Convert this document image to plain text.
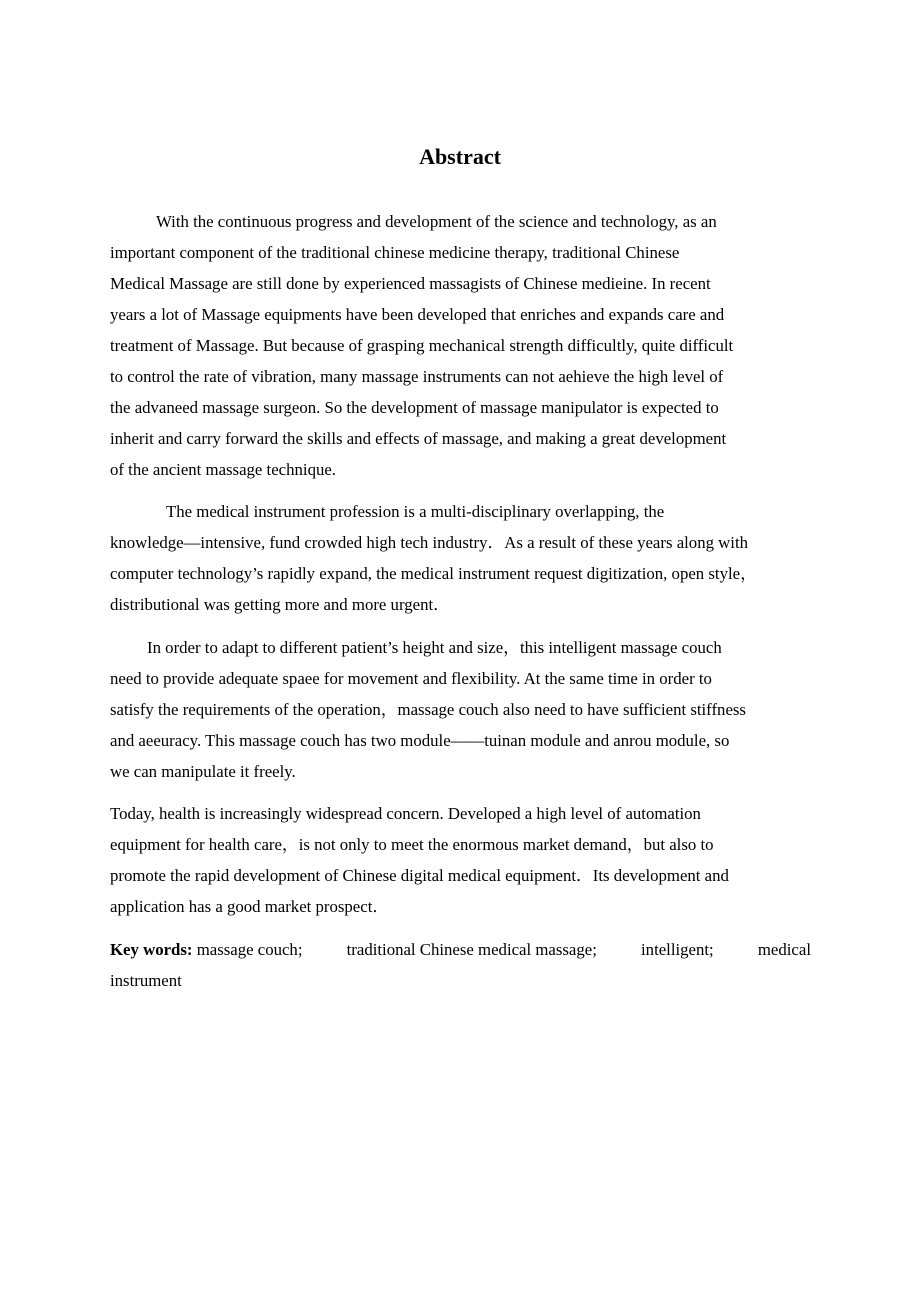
Abstract

With the continuous progress and development of the science and technology, as an
important component of the traditional chinese medicine therapy, traditional Chinese
Medical Massage are still done by experienced massagists of Chinese medieine. In recent
years a lot of Massage equipments have been developed that enriches and expands care and
treatment of Massage. But because of grasping mechanical strength difficultly, quite difficult
to control the rate of vibration, many massage instruments can not aehieve the high level of
the advaneed massage surgeon. So the development of massage manipulator is expected to
inherit and carry forward the skills and effects of massage, and making a great development
of the ancient massage technique.

The medical instrument profession is a multi-disciplinary overlapping, the
knowledge—intensive, fund crowded high tech industry．As a result of these years along with
computer technology’s rapidly expand, the medical instrument request digitization, open style，
distributional was getting more and more urgent．

In order to adapt to different patient’s height and size，this intelligent massage couch
need to provide adequate spaee for movement and flexibility. At the same time in order to
satisfy the requirements of the operation，massage couch also need to have sufficient stiffness
and aeeuracy. This massage couch has two module——tuinan module and anrou module, so
we can manipulate it freely.

Today, health is increasingly widespread concern. Developed a high level of automation
equipment for health care，is not only to meet the enormous market demand，but also to
promote the rapid development of Chinese digital medical equipment．Its development and
application has a good market prospect．

Key words: massage couch;	traditional Chinese medical massage;	intelligent;	medical
instrument
